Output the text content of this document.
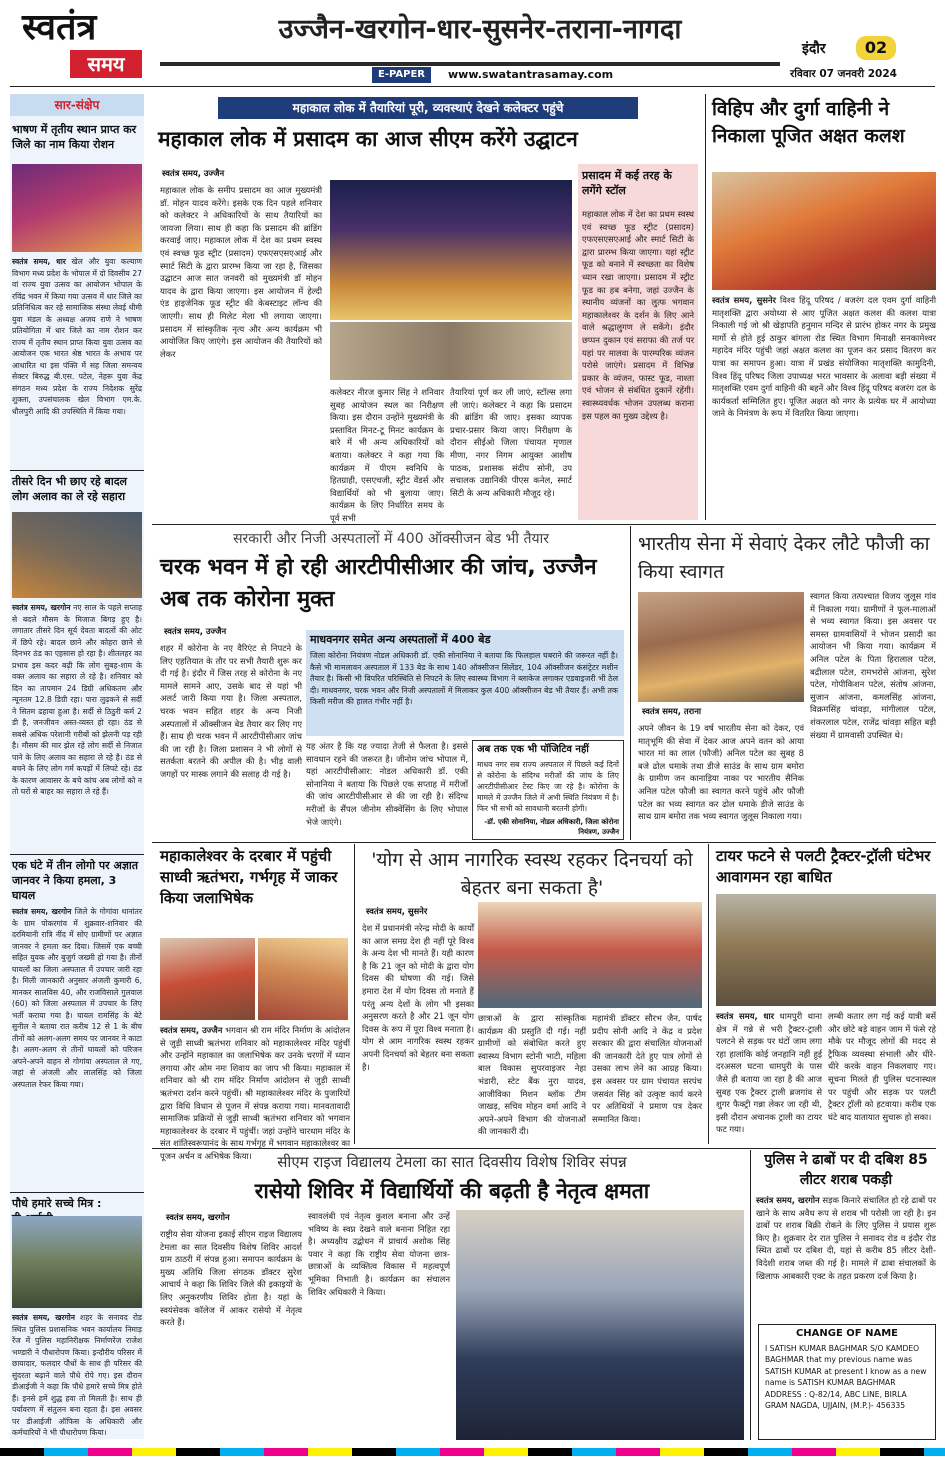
स्वतंत्र
समय
उज्जैन-खरगोन-धार-सुसनेर-तराना-नागदा
E-PAPER	www.swatantrasamay.com
इंदौर	02
रविवार 07 जनवरी 2024
सार-संक्षेप
भाषण में तृतीय स्थान प्राप्त कर जिले का नाम किया रोशन
स्वतंत्र समय, धार खेल और युवा कल्याण विभाग मध्य प्रदेश के भोपाल में दो दिवसीय 27 वां राज्य युवा उत्सव का आयोजन भोपाल के रविंद्र भवन में किया गया उत्सव में धार जिले का प्रतिनिधित्व कर रहे सामाजिक संस्था लेवई थीमी युवा मंडल के अध्यक्ष अजय राणे ने भाषण प्रतियोगिता में धार जिले का नाम रोशन कर राज्य में तृतीय स्थान प्राप्त किया युवा उत्सव का आयोजन एक भारत श्रेष्ठ भारत के अभाव पर आधारित था इस पंक्ति में सह जिला समन्वय सेक्टर बिरुद्ध बी.एस. पटेल, नेहरू युवा केंद्र संगठन मध्य प्रदेश के राज्य निदेशक सुरेंद्र शुक्ला, उपसंचालक खेल विभाग एम.के. धौलपुरी आदि की उपस्थिति में किया गया।
तीसरे दिन भी छाए रहे बादल लोग अलाव का ले रहे सहारा
स्वतंत्र समय, खरगोन नए साल के पहले सप्ताह से बदले मौसम के मिजाज बिगड़ हुए है। लगातार तीसरे दिन सूर्य देवता बादलों की ओट में छिपे रहे। बादल छाने और कोहरा छाने से दिनभर ठंड का एहसास हो रहा है। शीतलहर का प्रभाव इस कदर बढ़ी कि लोग सुबह-शाम के वक्त अलाव का सहारा ले रहे है। शनिवार को दिन का तापमान 24 डिग्री अधिकतम और न्यूनतम 12.8 डिग्री रहा। पारा लुढ़कने से सर्दी ने सितम ढहाया हुआ है। सर्दी से ठिठुरी कर्म 2 डी है, जनजीवन अस्त-व्यस्त हो रहा। ठंड से सबसे अधिक परेशानी गरीबों को झेलनी पड़ रही है। मौसम की मार झेल रहे लोग सर्दी से निजात पाने के लिए अलाव का सहारा ले रहे है। ठंड से बचने के लिए लोग गर्म कपड़ों में लिपटे रहे। ठंड के कारण आवासर के बचे कांच अब लोगों को न तो घरों से बाहर का सहारा ले रहे हैं।
एक घंटे में तीन लोगो पर अज्ञात जानवर ने किया हमला, 3 घायल
स्वतंत्र समय, खरगोन जिले के गोगांवा थानांतर के ग्राम पोकरगांव में शुक्रवार-शनिवार की दरमियानी रात्रि नींद में सोए ग्रामीणों पर अज्ञात जानवर ने हमला कर दिया। जिसमें एक बच्ची सहित युवक और बुजुर्ग जख्मी हो गया है। तीनों घायलों का जिला अस्पताल में उपचार जारी रहा है। मिली जानकारी अनुसार अंजली कुमारी 6, मानकर सालविस 40, और राजविसाले गुलवाल (60) को जिला अस्पताल में उपचार के लिए भर्ती कराया गया है। घायल रामसिंह के बेटे सुनील ने बताया रात करीब 12 से 1 के बीच तीनों को अलग-अलग समय पर जानवर ने काटा है। अलग-अलग से तीनों घायलों को परिजन अपने-अपने वाहन से गोगांवा अस्पताल ले गए, जहां से अंजली और लालसिंह को जिला अस्पताल रेफर किया गया।
पौधे हमारे सच्चे मित्र :
स्वतंत्र समय, खरगोन शहर के सनावद रोड स्थित पुलिस प्रशासनिक भवन कार्यालय निमाड़ रेंज में पुलिस महानिरीक्षक निर्माणरेंज राजेश भण्डारी ने पौधारोपण किया। इन्दौरीय परिसर में छायादार, फलदार पौधों के साथ ही परिसर की सुंदरता बढ़ाने वाले पौधे रोपे गए। इस दौरान डीआईजी ने कहा कि पौधे हमारे सच्चे मित्र होते हैं। इनसे हमें शुद्ध हवा तो मिलती है। साथ ही पर्यावरण में संतुलन बना रहता है। इस अवसर पर डीआईजी ऑफिस के अधिकारी और कर्मचारियों ने भी पौधारोपण किया।
महाकाल लोक में तैयारियां पूरी, व्यवस्थाएं देखने कलेक्टर पहुंचे
महाकाल लोक में प्रसादम का आज सीएम करेंगे उद्घाटन
स्वतंत्र समय, उज्जैन
महाकाल लोक के समीप प्रसादम का आज मुख्यमंत्री डॉ. मोहन यादव करेंगे। इसके एक दिन पहले शनिवार को कलेक्टर ने अधिकारियों के साथ तैयारियों का जायजा लिया। साथ ही कहा कि प्रसादम की ब्रांडिंग करवाई जाए। महाकाल लोक में देश का प्रथम स्वस्थ एवं स्वच्छ फूड स्ट्रीट (प्रसादम) एफएसएसएआई और स्मार्ट सिटी के द्वारा प्रारम्भ किया जा रहा है, जिसका उद्घाटन आज सात जनवरी को मुख्यमंत्री डॉ मोहन यादव के द्वारा किया जाएगा। इस आयोजन में हेल्दी एंड हाइजेनिक फूड स्ट्रीट की केबस्टाइट लॉन्च की जाएगी। साथ ही मिलेट मेला भी लगाया जाएगा। प्रसादम में सांस्कृतिक नृत्य और अन्य कार्यक्रम भी आयोजित किए जाएंगे। इस आयोजन की तैयारियों को लेकर
कलेक्टर नीरज कुमार सिंह ने शनिवार सुबह आयोजन स्थल का निरीक्षण किया। इस दौरान उन्होंने मुख्यमंत्री के प्रस्तावित मिनट-टू मिनट कार्यक्रम के बारे में भी अन्य अधिकारियों को बताया। कलेक्टर ने कहा गया कि कार्यक्रम में पीएम स्वनिधि के हितग्राही, एसएचजी, स्ट्रीट वेंडर्स और विद्यार्थियों को भी बुलाया जाए। कार्यक्रम के लिए निर्धारित समय के पूर्व सभी
तैयारियां पूर्ण कर ली जाएं, स्टॉल्स लगा ली जाएं। कलेक्टर ने कहा कि प्रसादम की ब्रांडिंग की जाए। इसका व्यापक प्रचार-प्रसार किया जाए। निरीक्षण के दौरान सीईओ जिला पंचायत मृणाल मीणा, नगर निगम आयुक्त आशीष पाठक, प्रशासक संदीप सोनी, उप सचालक उद्यानिकी पीएस कनेल, स्मार्ट सिटी के अन्य अधिकारी मौजूद रहे।
प्रसादम में कई तरह के लगेंगे स्टॉल
महाकाल लोक में देश का प्रथम स्वस्थ एवं स्वच्छ फूड स्ट्रीट (प्रसादम) एफएसएसएआई और स्मार्ट सिटी के द्वारा प्रारम्भ किया जाएगा। यहां स्ट्रीट फूड को बनाने में स्वच्छता का विशेष ध्यान रखा जाएगा। प्रसादम में स्ट्रीट फूड का हब बनेगा, जहां उज्जैन के स्थानीय व्यंजनों का लुत्फ भगवान महाकालेश्वर के दर्शन के लिए आने वाले श्रद्धालुगण ले सकेंगे। इंदौर छप्पन दुकान एवं सराफा की तर्ज पर यहां पर मालवा के पारम्परिक व्यंजन परोसे जाएंगे। प्रसादम में विभिन्न प्रकार के व्यंजन, फास्ट फूड, नाश्ता एवं भोजन से संबंधित दुकानें रहेंगी। स्वास्थ्यवर्धक भोजन उपलब्ध कराना इस पहल का मुख्य उद्देश्य है।
विहिप और दुर्गा वाहिनी ने निकाला पूजित अक्षत कलश
स्वतंत्र समय, सुसनेर विश्व हिंदू परिषद / बजरंग दल एवम दुर्गा वाहिनी मातृशक्ति द्वारा अयोध्या से आए पूजित अक्षत कलश की कलश यात्रा निकाली गई जो श्री खेड़ापति हनुमान मन्दिर से प्रारंभ होकर नगर के प्रमुख मार्गो से होते हुई ठाकुर बांगला रोड स्थित विभाग मिनाक्षी सनकामेश्वर महादेव मंदिर पहुंची जहां अक्षत कलश का पूजन कर प्रसाद वितरण कर यात्रा का समापन हुआ। यात्रा में प्रखंड संयोजिका मातृशक्ति कामुदिनी, विश्व हिंदू परिषद जिला उपाध्यक्ष भरत भावसार के अलावा बड़ी संख्या में मातृशक्ति एवम दुर्गा वाहिनी की बहनें और विश्व हिंदू परिषद बजरंग दल के कार्यकर्ता सम्मिलित हुए। पूजित अक्षत को नगर के प्रत्येक घर में आयोध्या जाने के निमंत्रण के रूप में वितरित किया जाएगा।
सरकारी और निजी अस्पतालों में 400 ऑक्सीजन बेड भी तैयार
चरक भवन में हो रही आरटीपीसीआर की जांच, उज्जैन अब तक कोरोना मुक्त
स्वतंत्र समय, उज्जैन
शहर में कोरोना के नए वैरिएंट से निपटने के लिए एहतियात के तौर पर सभी तैयारी शुरू कर दी गई है। इंदौर में जिस तरह से कोरोना के नए मामले सामने आए, उसके बाद से यहां भी अलर्ट जारी किया गया है। जिला अस्पताल, चरक भवन सहित शहर के अन्य निजी अस्पतालों में ऑक्सीजन बेड तैयार कर लिए गए हैं। साथ ही चरक भवन में आरटीपीसीआर जांच की जा रही है। जिला प्रशासन ने भी लोगों से सतर्कता बरतने की अपील की है। भीड़ वाली जगहों पर मास्क लगाने की सलाह दी गई है।
माधवनगर समेत अन्य अस्पतालों में 400 बेड
जिला कोरोना नियंत्रण नोडल अधिकारी डॉ. एकी सोनानिया ने बताया कि फिलहाल घबराने की जरूरत नहीं है। कैसे भी मामलावन अस्पताल में 133 बेड के साथ 140 ऑक्सीजन सिलेंडर, 104 ऑक्सीजन कंसंट्रेटर मशीन तैयार है। किसी भी विपरित परिस्थिति से निपटने के लिए स्वास्थ्य विभाग ने ब्लाकेज लगाकर एडवाइजरी भी ठेल दी। माधवनगर, चरक भवन और निजी अस्पतालों में मिलाकर कुल 400 ऑक्सीजन बेड भी तैयार हैं। अभी तक किसी मरीज की हालत गंभीर नहीं है।
यह अंतर है कि यह ज्यादा तेजी से फैलता है। इससे सावधान रहने की जरूरत है। जीनोम जांच भोपाल में, यहां आरटीपीसीआर: नोडल अधिकारी डॉ. एकी सोनानिया ने बताया कि पिछले एक सप्ताह में मरीजों की जांच आरटीपीसीआर से की जा रही है। संदिग्ध मरीजों के सैंपल जीनोम सीक्वेंसिंग के लिए भोपाल भेजे जाएंगे।
अब तक एक भी पॉजिटिव नहीं
माधव नगर सब राज्य अस्पताल में पिछले कई दिनों से कोरोना के संदिग्ध मरीजों की जांच के लिए आरटीपीसीआर टेस्ट किए जा रहे है। कोरोना के मामले में उज्जैन जिले में अभी स्थिति नियंत्रण में है। फिर भी सभी को सावधानी बरतनी होगी।
-डॉ. एकी सोनानिया, नोडल अधिकारी, जिला कोरोना नियंत्रण, उज्जैन
भारतीय सेना में सेवाएं देकर लौटे फौजी का किया स्वागत
स्वतंत्र समय, तराना
स्वागत किया तत्पश्चात विजय जुलूस गांव में निकाला गया। ग्रामीणों ने फूल-मालाओं से भव्य स्वागत किया। इस अवसर पर समस्त ग्रामवासियों ने भोजन प्रसादी का आयोजन भी किया गया। कार्यक्रम में अनिल पटेल के पिता हिरालाल पटेल, बद्रीलाल पटेल, रामभरोसे आंजना, सुरेश पटेल, गोपीकिशन पटेल, संतोष आंजना, सुजान आंजना, कमलसिंह आंजना, विक्रमसिंह चांवड़ा, मांगीलाल पटेल, शंकरलाल पटेल, राजेंद्र चांवड़ा सहित बड़ी संख्या में ग्रामवासी उपस्थित थे।
अपने जीवन के 19 वर्ष भारतीय सेना को देकर, एवं मातृभूमि की सेवा में देकर आज अपने वतन को आया भारत मां का लाल (फौजी) अनिल पटेल का सुबह 8 बजे ढोल धमाके तथा डीजे साउंड के साथ ग्राम बमोरा के ग्रामीण जन कानाड़िया नाका पर भारतीय सैनिक अनिल पटेल फौजी का स्वागत करने पहुंचे और फौजी पटेल का भव्य स्वागत कर ढोल धमाके डीजे साउंड के साथ ग्राम बमोरा तक भव्य स्वागत जुलूस निकाला गया।
महाकालेश्वर के दरबार में पहुंची साध्वी ऋतंभरा, गर्भगृह में जाकर किया जलाभिषेक
स्वतंत्र समय, उज्जैन भगवान श्री राम मंदिर निर्माण के आंदोलन से जुड़ी साध्वी ऋतंभरा शनिवार को महाकालेश्वर मंदिर पहुंचीं और उन्होंने महाकाल का जलाभिषेक कर उनके चरणों में ध्यान लगाया और ओम नमः शिवाय का जाप भी किया। महाकाल में शनिवार को श्री राम मंदिर निर्माण आंदोलन से जुड़ी साध्वी ऋतंभरा दर्शन करने पहुंचीं। श्री महाकालेश्वर मंदिर के पुजारियों द्वारा विधि विधान से पूजन में संपन्न कराया गया। मानवतावादी सामाजिक प्रक्रियों से जुड़ी साध्वी ऋतंभरा शनिवार को भगवान महाकालेश्वर के दरबार में पहुंचीं। जहां उन्होंने चारधाम मंदिर के संत शांतिस्वरूपानंद के साथ गर्भगृह में भगवान महाकालेश्वर का पूजन अर्चन व अभिषेक किया।
'योग से आम नागरिक स्वस्थ रहकर दिनचर्या को बेहतर बना सकता है'
स्वतंत्र समय, सुसनेर
देश में प्रधानमंत्री नरेन्द्र मोदी के कार्यों का आज समग्र देश ही नहीं पूरे विश्व के अन्य देश भी मानते हैं। यही कारण है कि 21 जून को मोदी के द्वारा योग दिवस की घोषणा की गई। जिसे हमारा देश में योग दिवस तो मनाते हैं परंतु अन्य देशों के लोग भी इसका अनुसरण करते है और 21 जून योग दिवस के रूप में पूरा विश्व मनाता है। योग से आम नागरिक स्वस्थ रहकर अपनी दिनचर्या को बेहतर बना सकता है।
छात्राओं के द्वारा सांस्कृतिक कार्यक्रम की प्रस्तुति दी गई। नहीं ग्रामीणों को संबोधित करते हुए स्वास्थ्य विभाग स्टोनी भाटी, महिला बाल विकास सुपरवाइजर नेहा भंडारी, स्टेट बैंक नुरा यादव, आजीविका मिशन ब्लॉक टीम जाखड़, सचिव मोहन वर्मा आदि ने अपने-अपने विभाग की योजनाओं की जानकारी दी।
महामंत्री डॉक्टर सौरभ जैन, पार्षद प्रदीप सोनी आदि ने केंद्र व प्रदेश सरकार की द्वारा संचालित योजनाओं की जानकारी देते हुए पात्र लोगों से उसका लाभ लेने का आग्रह किया। इस अवसर पर ग्राम पंचायत सरपंच जसवंत सिंह को उत्कृष्ट कार्य करने पर अतिथियों ने प्रमाण पत्र देकर सम्मानित किया।
टायर फटने से पलटी ट्रैक्टर-ट्रॉली घंटेभर आवागमन रहा बाधित
स्वतंत्र समय, धार धामपुरी थाना क्षेत्र में गन्ने से भरी ट्रैक्टर-ट्राली पलटने से सड़क पर घंटों जाम लगा रहा हालांकि कोई जनहानि नहीं हुई दरअसल घटना धामपुरी के पास जैसे ही बताया जा रहा है की आज सुबह एक ट्रैक्टर ट्राली ब्रजगांव से शुगर फैक्ट्री गन्ना लेकर जा रही थी, इसी दौरान अचानक ट्राली का टायर फट गया।
लम्बी कतार लग गई कई यात्री बसें और छोटे बड़े वाहन जाम में फंसे रहे मौके पर मौजूद लोगों की मदद से ट्रैफिक व्यवस्था संभाली और धीरे-धीरे करके वाहन निकलवाए गए। सूचना मिलते ही पुलिस घटनास्थल पर पहुंची और सड़क पर पलटी ट्रैक्टर ट्रॉली को हटवाया। करीब एक घंटे बाद यातायात सुचारू हो सका।
सीएम राइज विद्यालय टेमला का सात दिवसीय विशेष शिविर संपन्न
रासेयो शिविर में विद्यार्थियों की बढ़ती है नेतृत्व क्षमता
स्वतंत्र समय, खरगोन
राष्ट्रीय सेवा योजना इकाई सीएम राइज विद्यालय टेमला का सात दिवसीय विशेष शिविर आदर्श ग्राम ठाठरी में संपन्न हुआ। समापन कार्यक्रम के मुख्य अतिथि जिला संगठक डॉक्टर सुरेश आचार्य ने कहा कि शिविर जिले की इकाइयों के लिए अनुकरणीय शिविर होता है। यहां के स्वयंसेवक कॉलेज में आकर रासेयो में नेतृत्व करते हैं।
स्वावलंबी एवं नेतृत्व कुशल बनाना और उन्हें भविष्य के स्वप्न देखने वाले बनाना निहित रहा है। अध्यक्षीय उद्बोधन में प्राचार्य अशोक सिंह पवार ने कहा कि राष्ट्रीय सेवा योजना छात्र-छात्राओं के व्यक्तित्व विकास में महत्वपूर्ण भूमिका निभाती है। कार्यक्रम का संचालन शिविर अधिकारी ने किया।
पुलिस ने ढाबों पर दी दबिश 85 लीटर शराब पकड़ी
स्वतंत्र समय, खरगोन सड़क किनारे संचालित हो रहे ढाबों पर खाने के साथ अवैध रूप से शराब भी परोसी जा रही है। इन ढाबों पर शराब बिक्री रोकने के लिए पुलिस ने प्रयास शुरू किए है। शुक्रवार देर रात पुलिस ने सनावद रोड व इंदौर रोड स्थित ढाबों पर दबिश दी, यहां से करीब 85 लीटर देशी-विदेशी शराब जब्त की गई है। मामले में ढाबा संचालकों के खिलाफ आबकारी एक्ट के तहत प्रकरण दर्ज किया है।
CHANGE OF NAME
I SATISH KUMAR BAGHMAR S/O KAMDEO BAGHMAR that my previous name was SATISH KUMAR at present I know as a new name is SATISH KUMAR BAGHMAR ADDRESS : Q-82/14, ABC LINE, BIRLA GRAM NAGDA, UJJAIN, (M.P.)- 456335
